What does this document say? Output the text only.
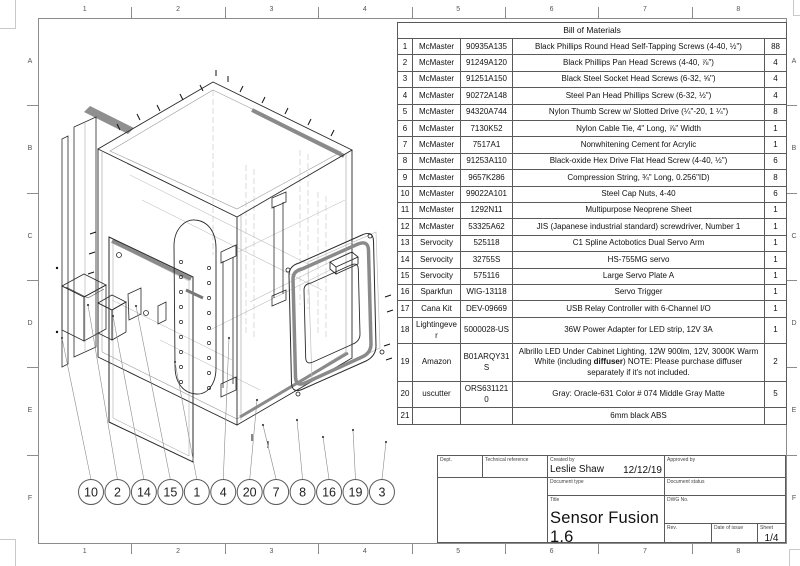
1
1
2
2
3
3
4
4
5
5
6
6
7
7
8
8
A	A
B	B
C	C
D	D
E	E
F	F
10 2 14 15 1 4 20 7 8 16 19 3
Bill of Materials				
1	McMaster	90935A135	Black Phillips Round Head Self-Tapping Screws (4-40, ½")	88
2	McMaster	91249A120	Black Phillips Pan Head Screws (4-40, ⅞")	4
3	McMaster	91251A150	Black Steel Socket Head Screws (6-32, ⅝")	4
4	McMaster	90272A148	Steel Pan Head Phillips Screw (6-32, ½")	4
5	McMaster	94320A744	Nylon Thumb Screw w/ Slotted Drive (¼"-20, 1 ¼")	8
6	McMaster	7130K52	Nylon Cable Tie, 4" Long, ⅞" Width	1
7	McMaster	7517A1	Nonwhitening Cement for Acrylic	1
8	McMaster	91253A110	Black-oxide Hex Drive Flat Head Screw (4-40, ½")	6
9	McMaster	9657K286	Compression String, ¾" Long, 0.256"ID)	8
10	McMaster	99022A101	Steel Cap Nuts, 4-40	6
11	McMaster	1292N11	Multipurpose Neoprene Sheet	1
12	McMaster	53325A62	JIS (Japanese industrial standard) screwdriver, Number 1	1
13	Servocity	525118	C1 Spline Actobotics Dual Servo Arm	1
14	Servocity	32755S	HS-755MG servo	1
15	Servocity	575116	Large Servo Plate A	1
16	Sparkfun	WIG-13118	Servo Trigger	1
17	Cana Kit	DEV-09669	USB Relay Controller with 6-Channel I/O	1
18	Lightingever	5000028-US	36W Power Adapter for LED strip, 12V 3A	1
19	Amazon	B01ARQY31S	Albrillo LED Under Cabinet Lighting, 12W 900lm, 12V, 3000K Warm White (including diffuser) NOTE: Please purchase diffuser separately if it's not included.	2
20	uscutter	ORS6311210	Gray: Oracle-631 Color # 074 Middle Gray Matte	5
21			6mm black ABS	
Dept.	Technical reference	Created by
Leslie Shaw 12/12/19
Approved by
Document type	Document status
Title
Sensor Fusion 1.6
DWG No.
Rev.	Date of issue	Sheet
1/4
